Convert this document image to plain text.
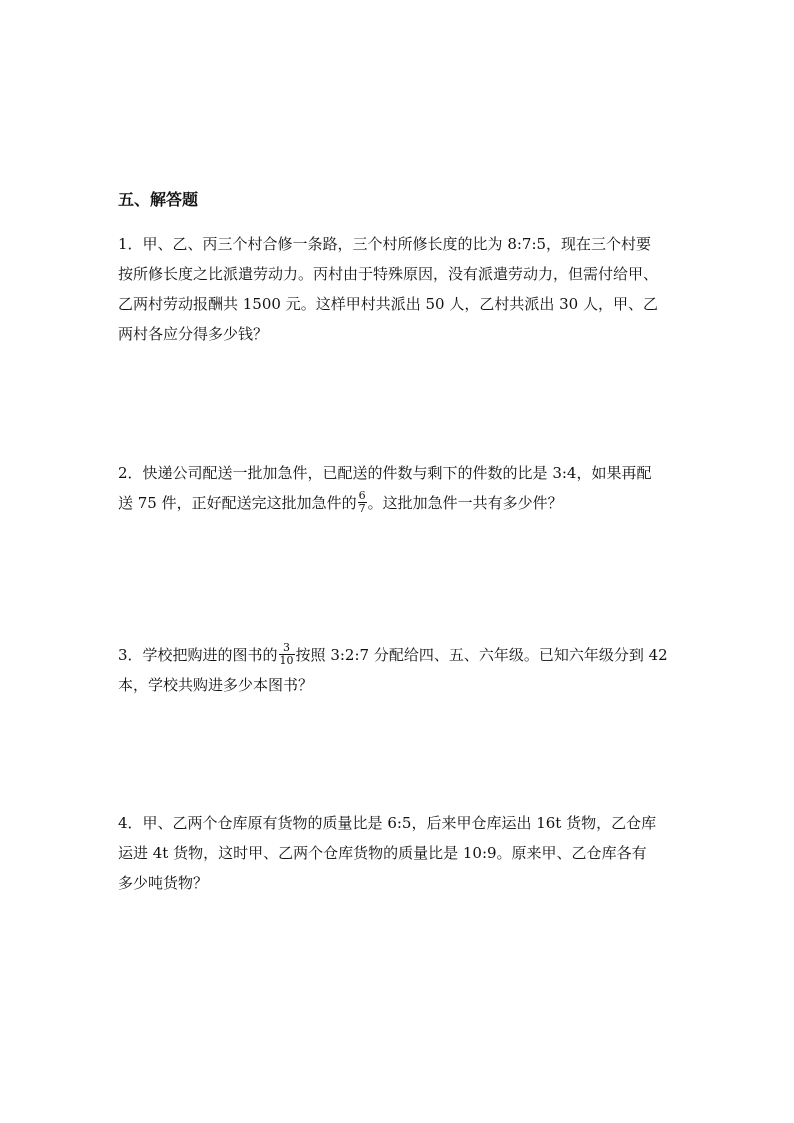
五、解答题
1．甲、乙、丙三个村合修一条路，三个村所修长度的比为 8:7:5，现在三个村要
按所修长度之比派遣劳动力。丙村由于特殊原因，没有派遣劳动力，但需付给甲、
乙两村劳动报酬共 1500 元。这样甲村共派出 50 人，乙村共派出 30 人，甲、乙
两村各应分得多少钱？
2．快递公司配送一批加急件，已配送的件数与剩下的件数的比是 3:4，如果再配
送 75 件，正好配送完这批加急件的 $\frac{6}{7}$ 。这批加急件一共有多少件？
3．学校把购进的图书的 $\frac{3}{10}$ 按照 3:2:7 分配给四、五、六年级。已知六年级分到 42
本，学校共购进多少本图书？
4．甲、乙两个仓库原有货物的质量比是 6:5，后来甲仓库运出 16t 货物，乙仓库
运进 4t 货物，这时甲、乙两个仓库货物的质量比是 10:9。原来甲、乙仓库各有
多少吨货物？
